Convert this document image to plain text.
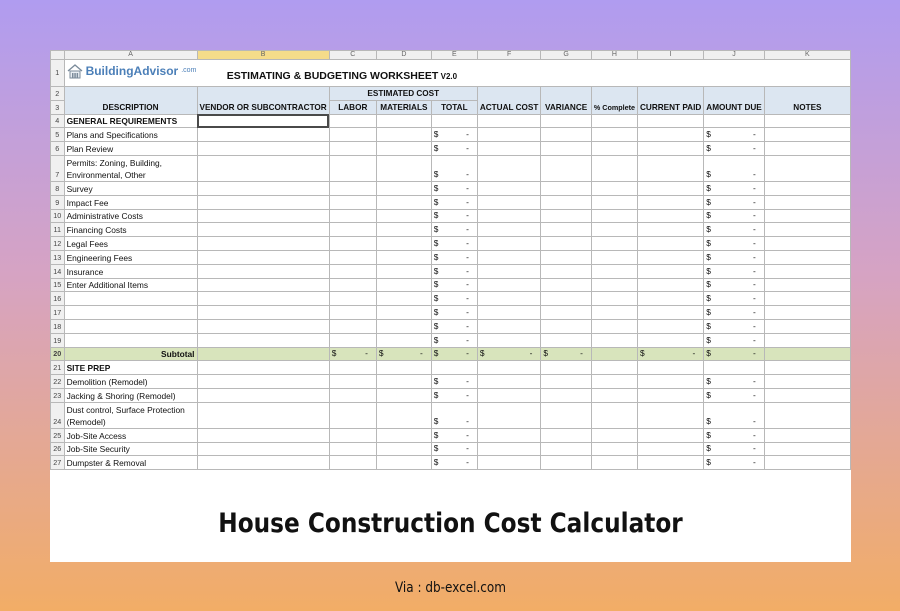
	A	B	C	D	E	F	G	H	I	J	K
1	BuildingAdvisor .com ESTIMATING & BUDGETING WORKSHEET V2.0										
2	DESCRIPTION	VENDOR OR SUBCONTRACTOR	ESTIMATED COST			ACTUAL COST	VARIANCE	% Complete	CURRENT PAID	AMOUNT DUE	NOTES
3			LABOR	MATERIALS	TOTAL						
4	GENERAL REQUIREMENTS										
5	Plans and Specifications				$ -					$ -	

6	Plan Review				$ -					$ -	

7	Permits: Zoning, Building, Environmental, Other				$ -					$ -	

8	Survey				$ -					$ -	

9	Impact Fee				$ -					$ -	

10	Administrative Costs				$ -					$ -	

11	Financing Costs				$ -					$ -	

12	Legal Fees				$ -					$ -	

13	Engineering Fees				$ -					$ -	

14	Insurance				$ -					$ -	

15	Enter Additional Items				$ -					$ -	

16					$ -					$ -	

17					$ -					$ -	

18					$ -					$ -	

19					$ -					$ -	

20	Subtotal		$ -	$ -	$ -	$ -	$ -		$ -	$ -	

21	SITE PREP										
22	Demolition (Remodel)				$ -					$ -	

23	Jacking & Shoring (Remodel)				$ -					$ -	

24	Dust control, Surface Protection (Remodel)				$ -					$ -	

25	Job-Site Access				$ -					$ -	

26	Job-Site Security				$ -					$ -	

27	Dumpster & Removal				$ -					$ -	

House Construction Cost Calculator

Via : db-excel.com
